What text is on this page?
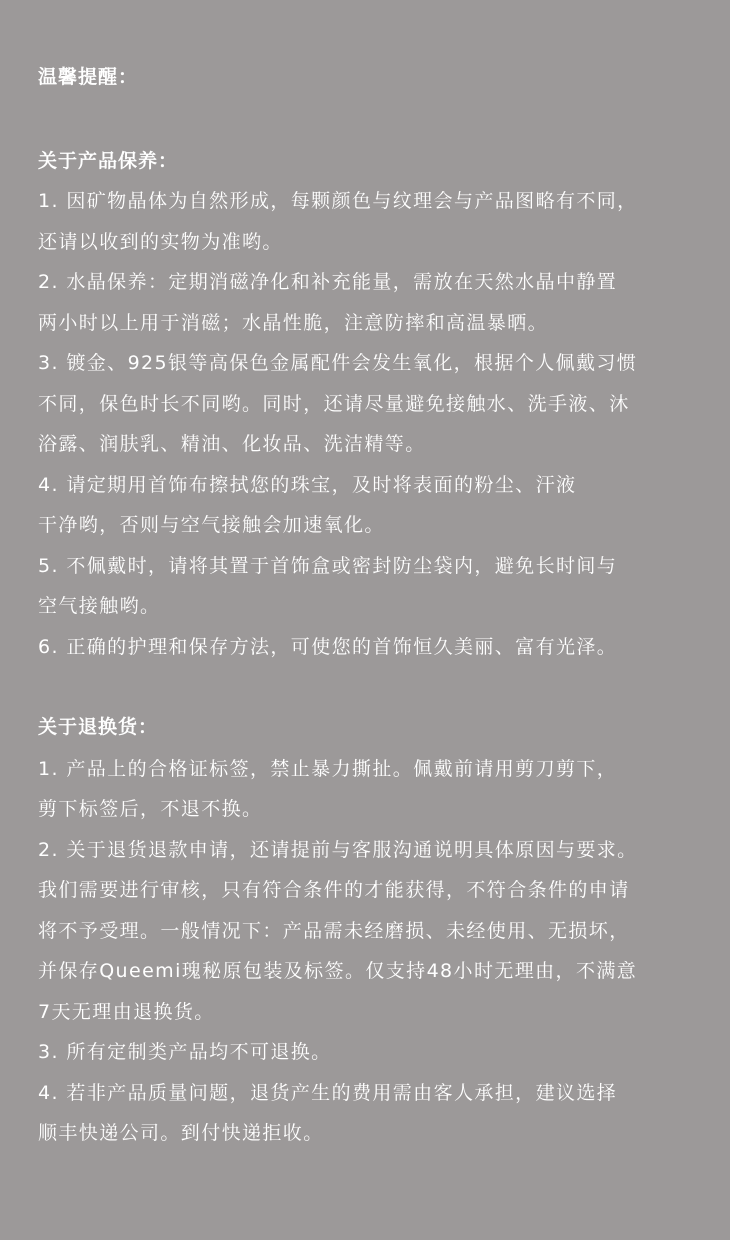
温馨提醒：
关于产品保养：
1. 因矿物晶体为自然形成，每颗颜色与纹理会与产品图略有不同，
还请以收到的实物为准哟。
2. 水晶保养：定期消磁净化和补充能量，需放在天然水晶中静置
两小时以上用于消磁；水晶性脆，注意防摔和高温暴晒。
3. 镀金、925银等高保色金属配件会发生氧化，根据个人佩戴习惯
不同，保色时长不同哟。同时，还请尽量避免接触水、洗手液、沐
浴露、润肤乳、精油、化妆品、洗洁精等。
4. 请定期用首饰布擦拭您的珠宝，及时将表面的粉尘、汗液
干净哟，否则与空气接触会加速氧化。
5. 不佩戴时，请将其置于首饰盒或密封防尘袋内，避免长时间与
空气接触哟。
6. 正确的护理和保存方法，可使您的首饰恒久美丽、富有光泽。
关于退换货：
1. 产品上的合格证标签，禁止暴力撕扯。佩戴前请用剪刀剪下，
剪下标签后，不退不换。
2. 关于退货退款申请，还请提前与客服沟通说明具体原因与要求。
我们需要进行审核，只有符合条件的才能获得，不符合条件的申请
将不予受理。一般情况下：产品需未经磨损、未经使用、无损坏，
并保存Queemi瑰秘原包装及标签。仅支持48小时无理由，不满意
7天无理由退换货。
3. 所有定制类产品均不可退换。
4. 若非产品质量问题，退货产生的费用需由客人承担，建议选择
顺丰快递公司。到付快递拒收。
